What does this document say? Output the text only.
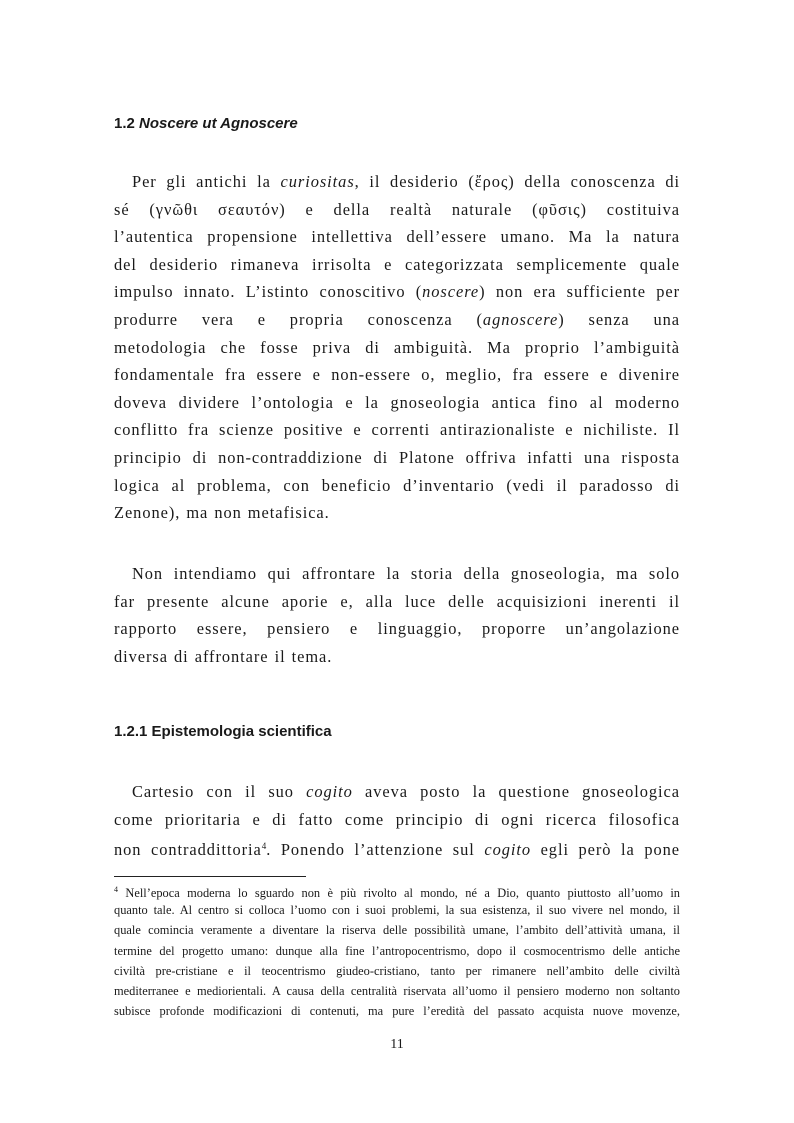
1.2 Noscere ut Agnoscere
Per gli antichi la curiositas, il desiderio (ἔρος) della conoscenza di
sé (γνῶθι σεαυτόν) e della realtà naturale (φῦσις) costituiva
l’autentica propensione intellettiva dell’essere umano. Ma la natura
del desiderio rimaneva irrisolta e categorizzata semplicemente quale
impulso innato. L’istinto conoscitivo (noscere) non era sufficiente per
produrre vera e propria conoscenza (agnoscere) senza una
metodologia che fosse priva di ambiguità. Ma proprio l’ambiguità
fondamentale fra essere e non-essere o, meglio, fra essere e divenire
doveva dividere l’ontologia e la gnoseologia antica fino al moderno
conflitto fra scienze positive e correnti antirazionaliste e nichiliste. Il
principio di non-contraddizione di Platone offriva infatti una risposta
logica al problema, con beneficio d’inventario (vedi il paradosso di
Zenone), ma non metafisica.
Non intendiamo qui affrontare la storia della gnoseologia, ma solo
far presente alcune aporie e, alla luce delle acquisizioni inerenti il
rapporto essere, pensiero e linguaggio, proporre un’angolazione
diversa di affrontare il tema.
1.2.1 Epistemologia scientifica
Cartesio con il suo cogito aveva posto la questione gnoseologica
come prioritaria e di fatto come principio di ogni ricerca filosofica
non contraddittoria$^4$. Ponendo l’attenzione sul cogito egli però la pone
$^4$ Nell’epoca moderna lo sguardo non è più rivolto al mondo, né a Dio, quanto piuttosto all’uomo in
quanto tale. Al centro si colloca l’uomo con i suoi problemi, la sua esistenza, il suo vivere nel mondo, il
quale comincia veramente a diventare la riserva delle possibilità umane, l’ambito dell’attività umana, il
termine del progetto umano: dunque alla fine l’antropocentrismo, dopo il cosmocentrismo delle antiche
civiltà pre-cristiane e il teocentrismo giudeo-cristiano, tanto per rimanere nell’ambito delle civiltà
mediterranee e mediorientali. A causa della centralità riservata all’uomo il pensiero moderno non soltanto
subisce profonde modificazioni di contenuti, ma pure l’eredità del passato acquista nuove movenze,
11
